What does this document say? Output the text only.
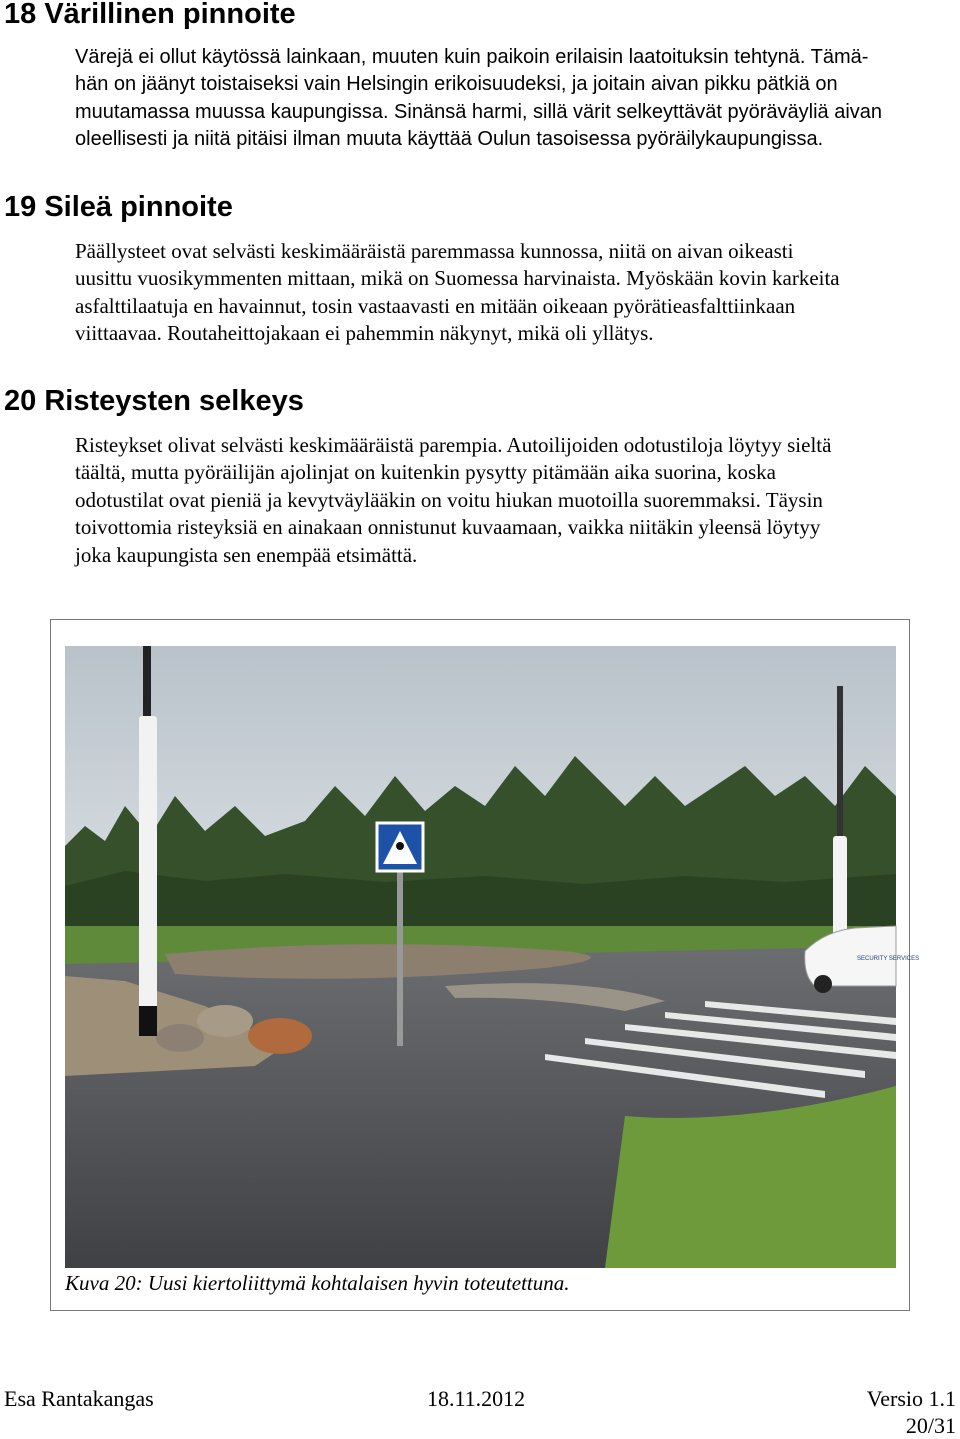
18 Värillinen pinnoite

Värejä ei ollut käytössä lainkaan, muuten kuin paikoin erilaisin laatoituksin tehtynä. Tämä-
hän on jäänyt toistaiseksi vain Helsingin erikoisuudeksi, ja joitain aivan pikku pätkiä on
muutamassa muussa kaupungissa. Sinänsä harmi, sillä värit selkeyttävät pyöräväyliä aivan
oleellisesti ja niitä pitäisi ilman muuta käyttää Oulun tasoisessa pyöräilykaupungissa.

19 Sileä pinnoite

Päällysteet ovat selvästi keskimääräistä paremmassa kunnossa, niitä on aivan oikeasti
uusittu vuosikymmenten mittaan, mikä on Suomessa harvinaista. Myöskään kovin karkeita
asfalttilaatuja en havainnut, tosin vastaavasti en mitään oikeaan pyörätieasfalttiinkaan
viittaavaa. Routaheittojakaan ei pahemmin näkynyt, mikä oli yllätys.

20 Risteysten selkeys

Risteykset olivat selvästi keskimääräistä parempia. Autoilijoiden odotustiloja löytyy sieltä
täältä, mutta pyöräilijän ajolinjat on kuitenkin pysytty pitämään aika suorina, koska
odotustilat ovat pieniä ja kevytväylääkin on voitu hiukan muotoilla suoremmaksi. Täysin
toivottomia risteyksiä en ainakaan onnistunut kuvaamaan, vaikka niitäkin yleensä löytyy
joka kaupungista sen enempää etsimättä.

SECURITY SERVICES

Kuva 20: Uusi kiertoliittymä kohtalaisen hyvin toteutettuna.

Esa Rantakangas	18.11.2012	Versio 1.1
20/31
